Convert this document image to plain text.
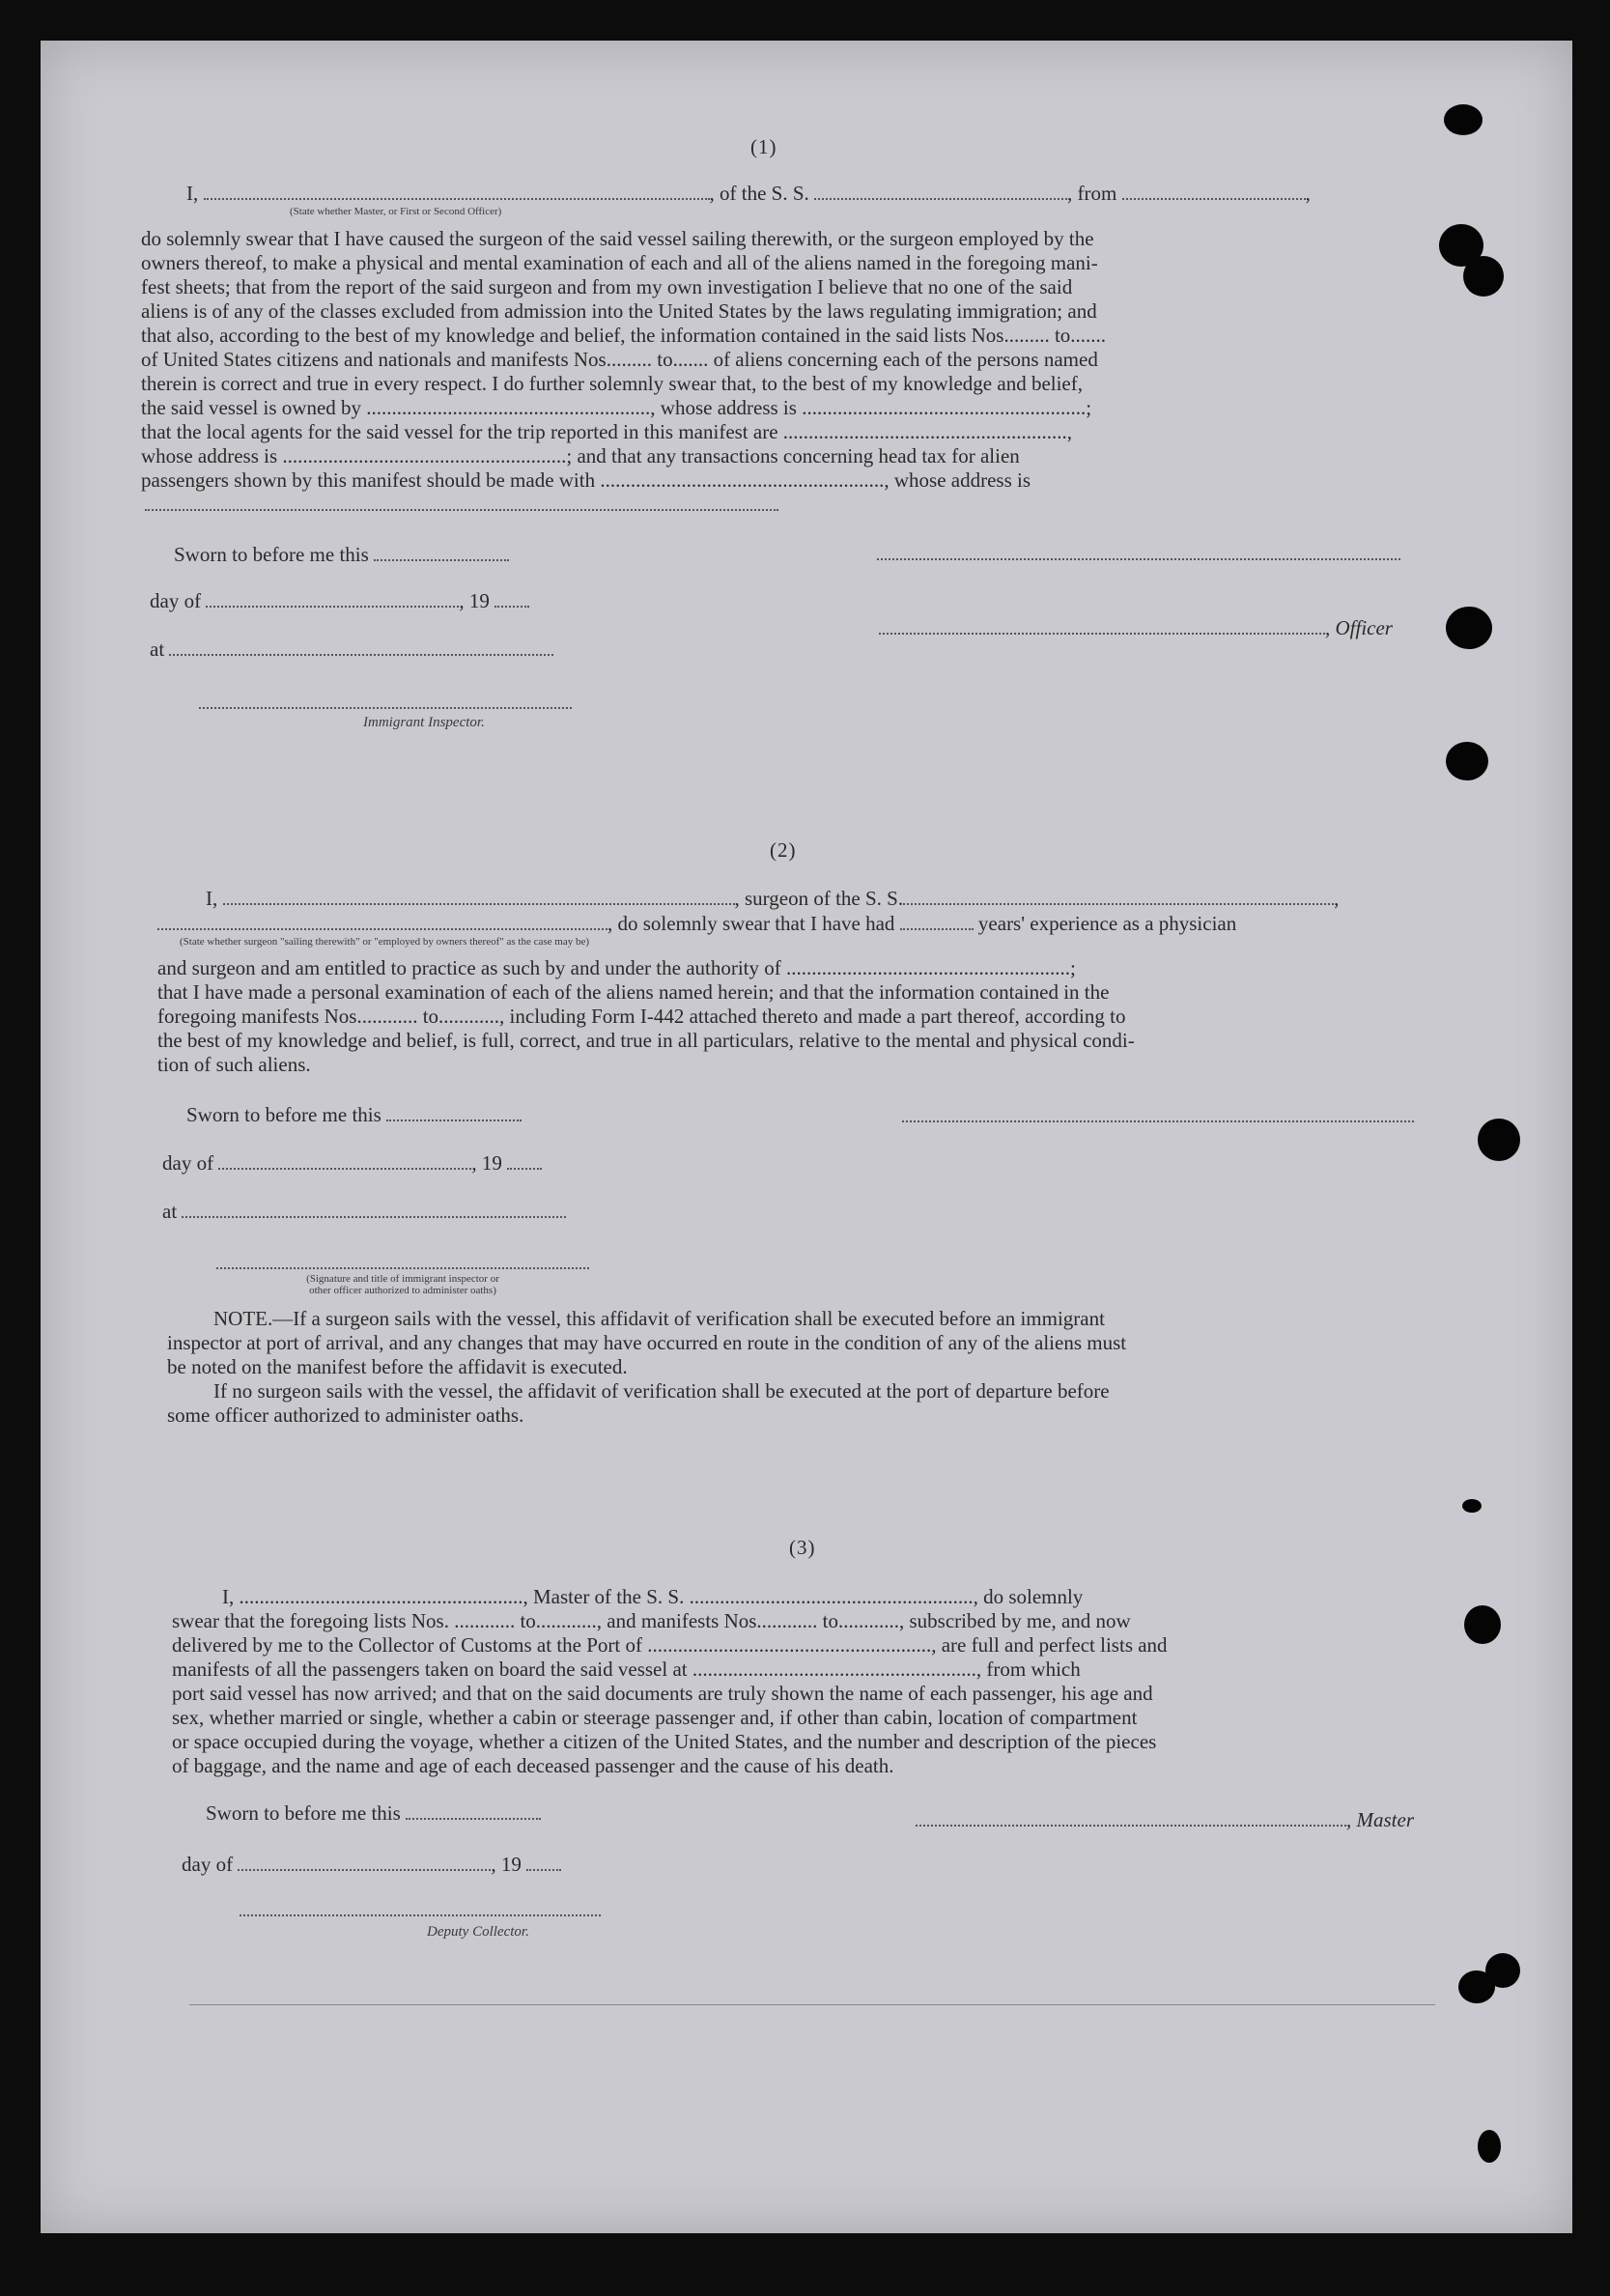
(1)
I,	, of the S. S.	, from	,
(State whether Master, or First or Second Officer)
do solemnly swear that I have caused the surgeon of the said vessel sailing therewith, or the surgeon employed by the
owners thereof, to make a physical and mental examination of each and all of the aliens named in the foregoing mani-
fest sheets; that from the report of the said surgeon and from my own investigation I believe that no one of the said
aliens is of any of the classes excluded from admission into the United States by the laws regulating immigration; and
that also, according to the best of my knowledge and belief, the information contained in the said lists Nos......... to.......
of United States citizens and nationals and manifests Nos......... to....... of aliens concerning each of the persons named
therein is correct and true in every respect. I do further solemnly swear that, to the best of my knowledge and belief,
the said vessel is owned by ........................................................, whose address is ........................................................;
that the local agents for the said vessel for the trip reported in this manifest are ........................................................,
whose address is ........................................................; and that any transactions concerning head tax for alien
passengers shown by this manifest should be made with ........................................................, whose address is
Sworn to before me this
day of	, 19
, Officer
at
Immigrant Inspector.
(2)
I,	, surgeon of the S. S.	,
, do solemnly swear that I have had	years' experience as a physician
(State whether surgeon "sailing therewith" or "employed by owners thereof" as the case may be)
and surgeon and am entitled to practice as such by and under the authority of ........................................................;
that I have made a personal examination of each of the aliens named herein; and that the information contained in the
foregoing manifests Nos............ to............, including Form I-442 attached thereto and made a part thereof, according to
the best of my knowledge and belief, is full, correct, and true in all particulars, relative to the mental and physical condi-
tion of such aliens.
Sworn to before me this
day of	, 19
at
(Signature and title of immigrant inspector or
other officer authorized to administer oaths)
NOTE.—If a surgeon sails with the vessel, this affidavit of verification shall be executed before an immigrant
inspector at port of arrival, and any changes that may have occurred en route in the condition of any of the aliens must
be noted on the manifest before the affidavit is executed.
If no surgeon sails with the vessel, the affidavit of verification shall be executed at the port of departure before
some officer authorized to administer oaths.
(3)
I, ........................................................, Master of the S. S. ........................................................, do solemnly
swear that the foregoing lists Nos. ............ to............, and manifests Nos............ to............, subscribed by me, and now
delivered by me to the Collector of Customs at the Port of ........................................................, are full and perfect lists and
manifests of all the passengers taken on board the said vessel at ........................................................, from which
port said vessel has now arrived; and that on the said documents are truly shown the name of each passenger, his age and
sex, whether married or single, whether a cabin or steerage passenger and, if other than cabin, location of compartment
or space occupied during the voyage, whether a citizen of the United States, and the number and description of the pieces
of baggage, and the name and age of each deceased passenger and the cause of his death.
Sworn to before me this	, Master
day of	, 19
Deputy Collector.
